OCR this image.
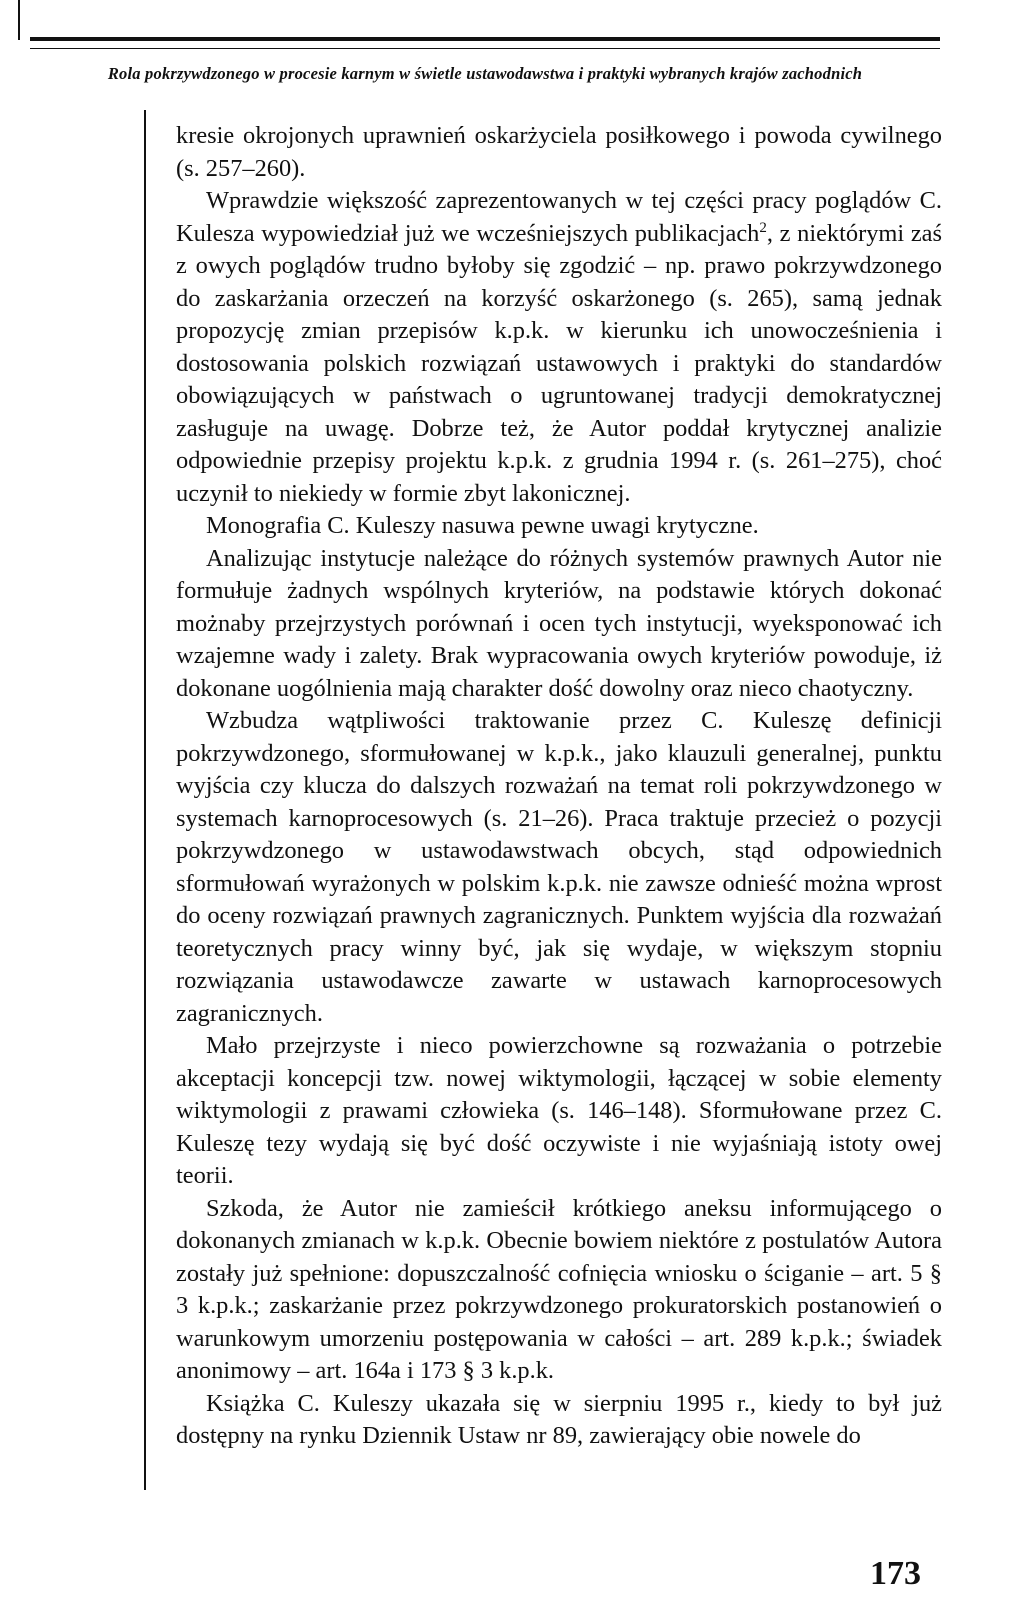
Rola pokrzywdzonego w procesie karnym w świetle ustawodawstwa i praktyki wybranych krajów zachodnich

kresie okrojonych uprawnień oskarżyciela posiłkowego i powoda cywilnego (s. 257–260).

Wprawdzie większość zaprezentowanych w tej części pracy poglądów C. Kulesza wypowiedział już we wcześniejszych publikacjach$^2$, z niektórymi zaś z owych poglądów trudno byłoby się zgodzić – np. prawo pokrzywdzonego do zaskarżania orzeczeń na korzyść oskarżonego (s. 265), samą jednak propozycję zmian przepisów k.p.k. w kierunku ich unowocześnienia i dostosowania polskich rozwiązań ustawowych i praktyki do standardów obowiązujących w państwach o ugruntowanej tradycji demokratycznej zasługuje na uwagę. Dobrze też, że Autor poddał krytycznej analizie odpowiednie przepisy projektu k.p.k. z grudnia 1994 r. (s. 261–275), choć uczynił to niekiedy w formie zbyt lakonicznej.

Monografia C. Kuleszy nasuwa pewne uwagi krytyczne.

Analizując instytucje należące do różnych systemów prawnych Autor nie formułuje żadnych wspólnych kryteriów, na podstawie których dokonać możnaby przejrzystych porównań i ocen tych instytucji, wyeksponować ich wzajemne wady i zalety. Brak wypracowania owych kryteriów powoduje, iż dokonane uogólnienia mają charakter dość dowolny oraz nieco chaotyczny.

Wzbudza wątpliwości traktowanie przez C. Kuleszę definicji pokrzywdzonego, sformułowanej w k.p.k., jako klauzuli generalnej, punktu wyjścia czy klucza do dalszych rozważań na temat roli pokrzywdzonego w systemach karnoprocesowych (s. 21–26). Praca traktuje przecież o pozycji pokrzywdzonego w ustawodawstwach obcych, stąd odpowiednich sformułowań wyrażonych w polskim k.p.k. nie zawsze odnieść można wprost do oceny rozwiązań prawnych zagranicznych. Punktem wyjścia dla rozważań teoretycznych pracy winny być, jak się wydaje, w większym stopniu rozwiązania ustawodawcze zawarte w ustawach karnoprocesowych zagranicznych.

Mało przejrzyste i nieco powierzchowne są rozważania o potrzebie akceptacji koncepcji tzw. nowej wiktymologii, łączącej w sobie elementy wiktymologii z prawami człowieka (s. 146–148). Sformułowane przez C. Kuleszę tezy wydają się być dość oczywiste i nie wyjaśniają istoty owej teorii.

Szkoda, że Autor nie zamieścił krótkiego aneksu informującego o dokonanych zmianach w k.p.k. Obecnie bowiem niektóre z postulatów Autora zostały już spełnione: dopuszczalność cofnięcia wniosku o ściganie – art. 5 § 3 k.p.k.; zaskarżanie przez pokrzywdzonego prokuratorskich postanowień o warunkowym umorzeniu postępowania w całości – art. 289 k.p.k.; świadek anonimowy – art. 164a i 173 § 3 k.p.k.

Książka C. Kuleszy ukazała się w sierpniu 1995 r., kiedy to był już dostępny na rynku Dziennik Ustaw nr 89, zawierający obie nowele do

173
